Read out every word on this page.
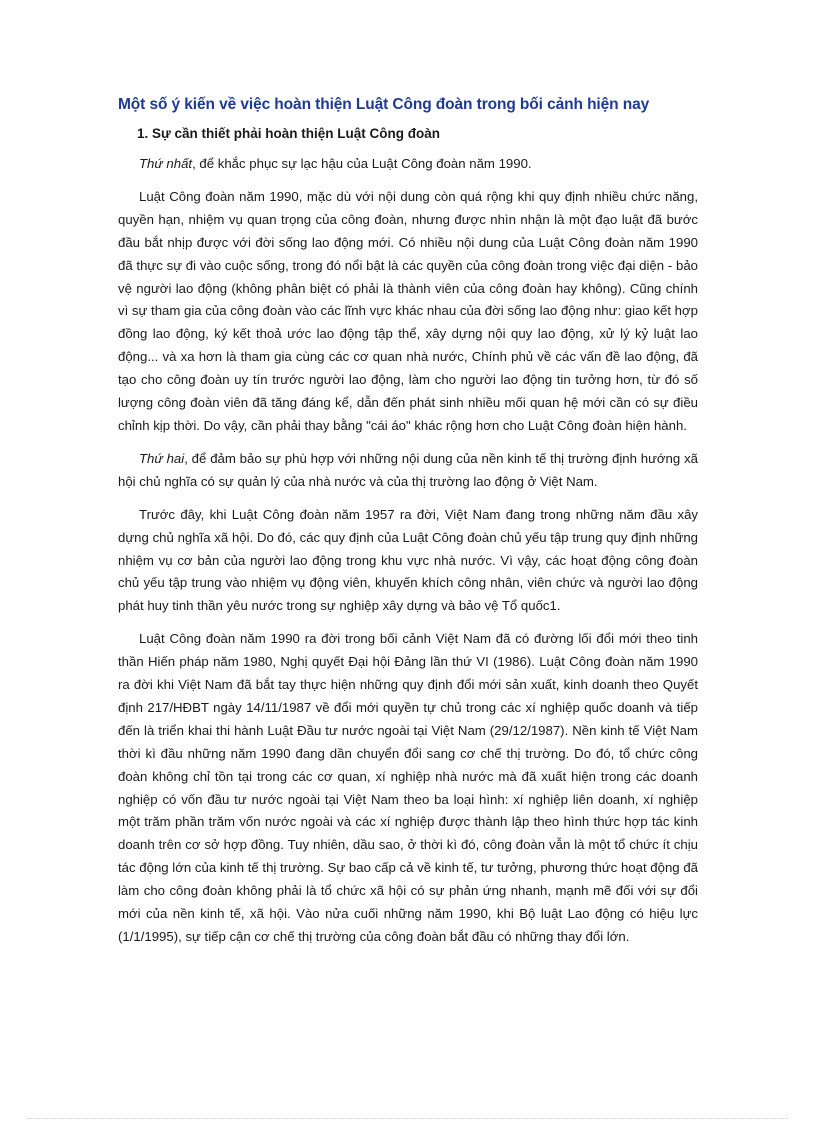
Một số ý kiến về việc hoàn thiện Luật Công đoàn trong bối cảnh hiện nay
1. Sự cần thiết phải hoàn thiện Luật Công đoàn

Thứ nhất, để khắc phục sự lạc hậu của Luật Công đoàn năm 1990.

Luật Công đoàn năm 1990, mặc dù với nội dung còn quá rộng khi quy định nhiều chức năng, quyền hạn, nhiệm vụ quan trọng của công đoàn, nhưng được nhìn nhận là một đạo luật đã bước đầu bắt nhịp được với đời sống lao động mới. Có nhiều nội dung của Luật Công đoàn năm 1990 đã thực sự đi vào cuộc sống, trong đó nổi bật là các quyền của công đoàn trong việc đại diện - bảo vệ người lao động (không phân biệt có phải là thành viên của công đoàn hay không). Cũng chính vì sự tham gia của công đoàn vào các lĩnh vực khác nhau của đời sống lao động như: giao kết hợp đồng lao động, ký kết thoả ước lao động tập thể, xây dựng nội quy lao động, xử lý kỷ luật lao động... và xa hơn là tham gia cùng các cơ quan nhà nước, Chính phủ về các vấn đề lao động, đã tạo cho công đoàn uy tín trước người lao động, làm cho người lao động tin tưởng hơn, từ đó số lượng công đoàn viên đã tăng đáng kể, dẫn đến phát sinh nhiều mối quan hệ mới cần có sự điều chỉnh kịp thời. Do vậy, cần phải thay bằng "cái áo" khác rộng hơn cho Luật Công đoàn hiện hành.

Thứ hai, để đảm bảo sự phù hợp với những nội dung của nền kinh tế thị trường định hướng xã hội chủ nghĩa có sự quản lý của nhà nước và của thị trường lao động ở Việt Nam.

Trước đây, khi Luật Công đoàn năm 1957 ra đời, Việt Nam đang trong những năm đầu xây dựng chủ nghĩa xã hội. Do đó, các quy định của Luật Công đoàn chủ yếu tập trung quy định những nhiệm vụ cơ bản của người lao động trong khu vực nhà nước. Vì vậy, các hoạt động công đoàn chủ yếu tập trung vào nhiệm vụ động viên, khuyến khích công nhân, viên chức và người lao động phát huy tinh thần yêu nước trong sự nghiệp xây dựng và bảo vệ Tổ quốc1.

Luật Công đoàn năm 1990 ra đời trong bối cảnh Việt Nam đã có đường lối đổi mới theo tinh thần Hiến pháp năm 1980, Nghị quyết Đại hội Đảng lần thứ VI (1986). Luật Công đoàn năm 1990 ra đời khi Việt Nam đã bắt tay thực hiện những quy định đổi mới sản xuất, kinh doanh theo Quyết định 217/HĐBT ngày 14/11/1987 về đổi mới quyền tự chủ trong các xí nghiệp quốc doanh và tiếp đến là triển khai thi hành Luật Đầu tư nước ngoài tại Việt Nam (29/12/1987). Nền kinh tế Việt Nam thời kì đầu những năm 1990 đang dần chuyển đổi sang cơ chế thị trường. Do đó, tổ chức công đoàn không chỉ tồn tại trong các cơ quan, xí nghiệp nhà nước mà đã xuất hiện trong các doanh nghiệp có vốn đầu tư nước ngoài tại Việt Nam theo ba loại hình: xí nghiệp liên doanh, xí nghiệp một trăm phần trăm vốn nước ngoài và các xí nghiệp được thành lập theo hình thức hợp tác kinh doanh trên cơ sở hợp đồng. Tuy nhiên, dầu sao, ở thời kì đó, công đoàn vẫn là một tổ chức ít chịu tác động lớn của kinh tế thị trường. Sự bao cấp cả về kinh tế, tư tưởng, phương thức hoạt động đã làm cho công đoàn không phải là tổ chức xã hội có sự phản ứng nhanh, mạnh mẽ đối với sự đổi mới của nền kinh tế, xã hội. Vào nửa cuối những năm 1990, khi Bộ luật Lao động có hiệu lực (1/1/1995), sự tiếp cận cơ chế thị trường của công đoàn bắt đầu có những thay đổi lớn.
